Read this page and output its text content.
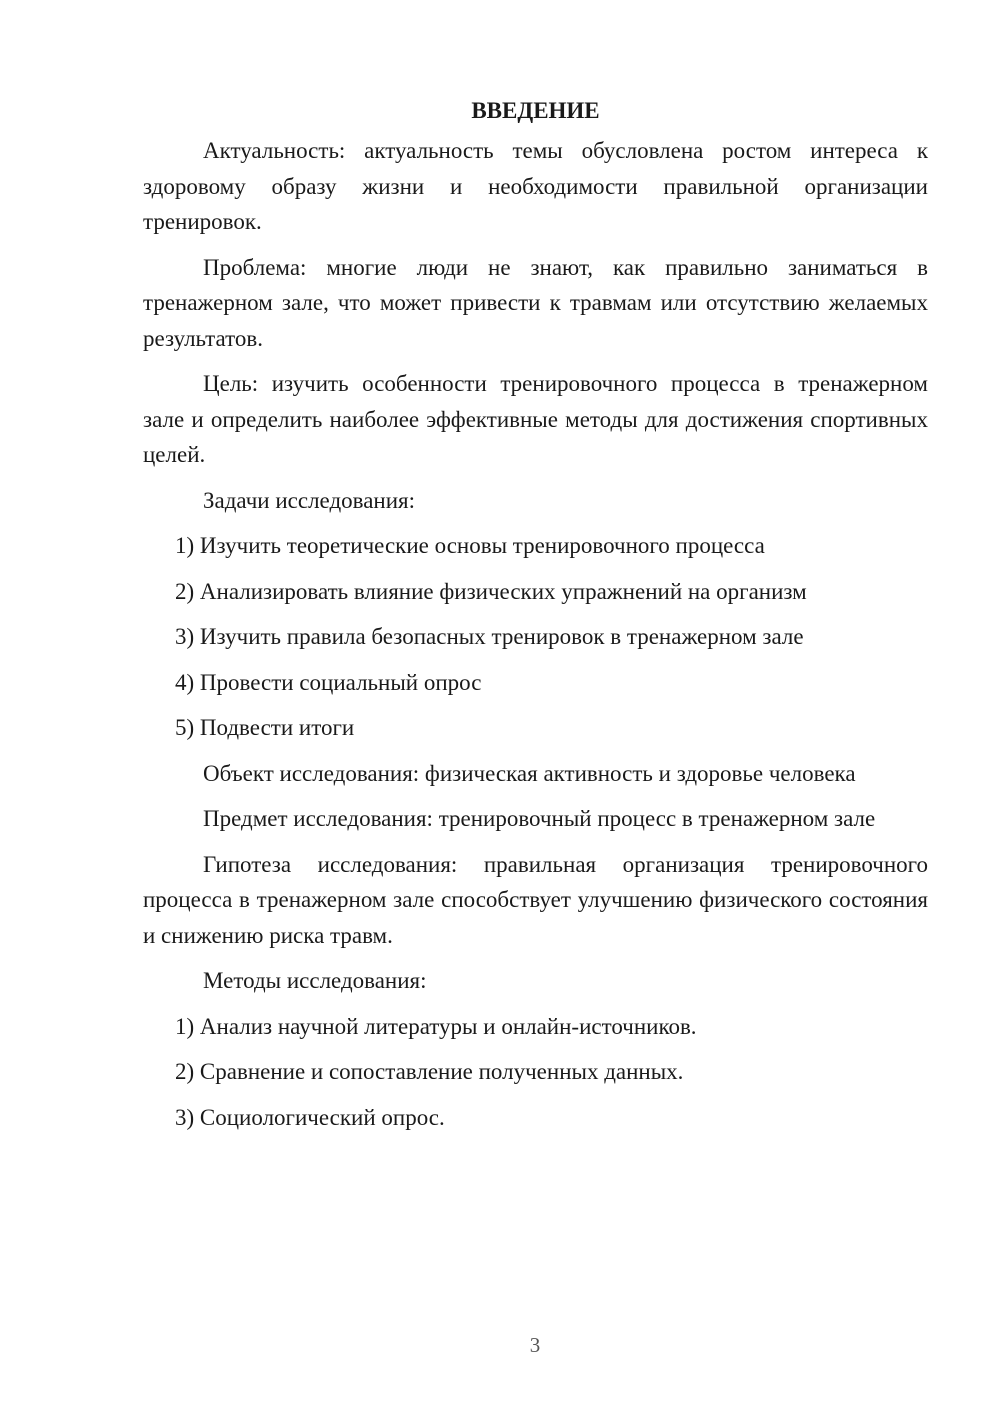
ВВЕДЕНИЕ

Актуальность: актуальность темы обусловлена ростом интереса к здоровому образу жизни и необходимости правильной организации тренировок.

Проблема: многие люди не знают, как правильно заниматься в тренажерном зале, что может привести к травмам или отсутствию желаемых результатов.

Цель: изучить особенности тренировочного процесса в тренажерном зале и определить наиболее эффективные методы для достижения спортивных целей.

Задачи исследования:

1) Изучить теоретические основы тренировочного процесса

2) Анализировать влияние физических упражнений на организм

3) Изучить правила безопасных тренировок в тренажерном зале

4) Провести социальный опрос

5) Подвести итоги

Объект исследования: физическая активность и здоровье человека

Предмет исследования: тренировочный процесс в тренажерном зале

Гипотеза исследования: правильная организация тренировочного процесса в тренажерном зале способствует улучшению физического состояния и снижению риска травм.

Методы исследования:

1) Анализ научной литературы и онлайн-источников.

2) Сравнение и сопоставление полученных данных.

3) Социологический опрос.

3
